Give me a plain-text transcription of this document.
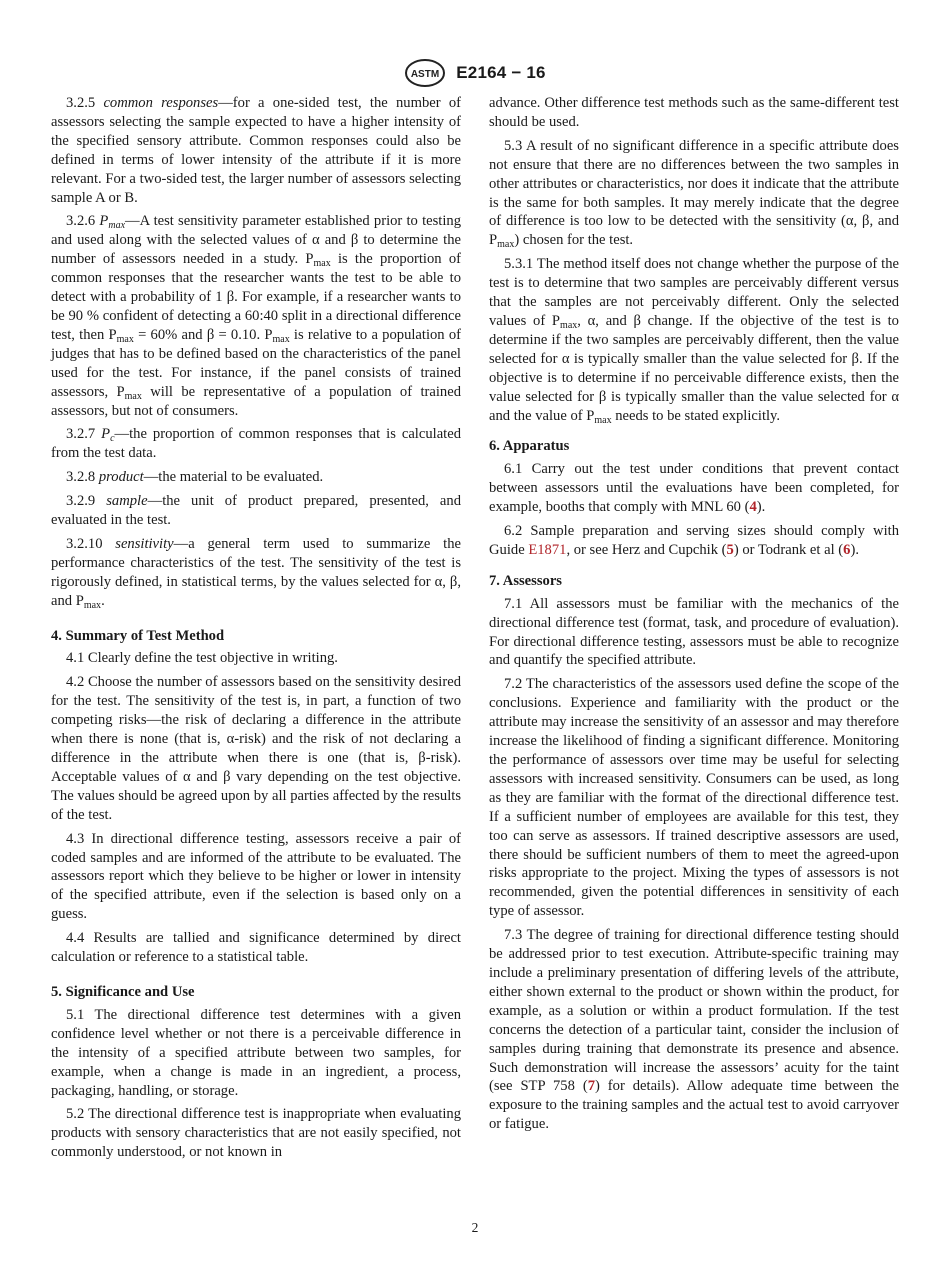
ASTM E2164 − 16

3.2.5 common responses—for a one-sided test, the number of assessors selecting the sample expected to have a higher intensity of the specified sensory attribute. Common responses could also be defined in terms of lower intensity of the attribute if it is more relevant. For a two-sided test, the larger number of assessors selecting sample A or B.

3.2.6 $P_{max}—A$ test sensitivity parameter established prior to testing and used along with the selected values of α and β to determine the number of assessors needed in a study. $P_{max}$ is the proportion of common responses that the researcher wants the test to be able to detect with a probability of 1 β. For example, if a researcher wants to be 90 % confident of detecting a 60:40 split in a directional difference test, then $P_{max} = 60\%$ and β = 0.10. $P_{max}$ is relative to a population of judges that has to be defined based on the characteristics of the panel used for the test. For instance, if the panel consists of trained assessors, $P_{max}$ will be representative of a population of trained assessors, but not of consumers.

3.2.7 $P_c—the$ proportion of common responses that is calculated from the test data.

3.2.8 product—the material to be evaluated.

3.2.9 sample—the unit of product prepared, presented, and evaluated in the test.

3.2.10 sensitivity—a general term used to summarize the performance characteristics of the test. The sensitivity of the test is rigorously defined, in statistical terms, by the values selected for α, β, and $P_{max}$.

4. Summary of Test Method

4.1 Clearly define the test objective in writing.

4.2 Choose the number of assessors based on the sensitivity desired for the test. The sensitivity of the test is, in part, a function of two competing risks—the risk of declaring a difference in the attribute when there is none (that is, α-risk) and the risk of not declaring a difference in the attribute when there is one (that is, β-risk). Acceptable values of α and β vary depending on the test objective. The values should be agreed upon by all parties affected by the results of the test.

4.3 In directional difference testing, assessors receive a pair of coded samples and are informed of the attribute to be evaluated. The assessors report which they believe to be higher or lower in intensity of the specified attribute, even if the selection is based only on a guess.

4.4 Results are tallied and significance determined by direct calculation or reference to a statistical table.

5. Significance and Use

5.1 The directional difference test determines with a given confidence level whether or not there is a perceivable difference in the intensity of a specified attribute between two samples, for example, when a change is made in an ingredient, a process, packaging, handling, or storage.

5.2 The directional difference test is inappropriate when evaluating products with sensory characteristics that are not easily specified, not commonly understood, or not known in

advance. Other difference test methods such as the same-different test should be used.

5.3 A result of no significant difference in a specific attribute does not ensure that there are no differences between the two samples in other attributes or characteristics, nor does it indicate that the attribute is the same for both samples. It may merely indicate that the degree of difference is too low to be detected with the sensitivity (α, β, and $P_{max}$) chosen for the test.

5.3.1 The method itself does not change whether the purpose of the test is to determine that two samples are perceivably different versus that the samples are not perceivably different. Only the selected values of $P_{max}$, α, and β change. If the objective of the test is to determine if the two samples are perceivably different, then the value selected for α is typically smaller than the value selected for β. If the objective is to determine if no perceivable difference exists, then the value selected for β is typically smaller than the value selected for α and the value of $P_{max}$ needs to be stated explicitly.

6. Apparatus

6.1 Carry out the test under conditions that prevent contact between assessors until the evaluations have been completed, for example, booths that comply with MNL 60 (4).

6.2 Sample preparation and serving sizes should comply with Guide E1871, or see Herz and Cupchik (5) or Todrank et al (6).

7. Assessors

7.1 All assessors must be familiar with the mechanics of the directional difference test (format, task, and procedure of evaluation). For directional difference testing, assessors must be able to recognize and quantify the specified attribute.

7.2 The characteristics of the assessors used define the scope of the conclusions. Experience and familiarity with the product or the attribute may increase the sensitivity of an assessor and may therefore increase the likelihood of finding a significant difference. Monitoring the performance of assessors over time may be useful for selecting assessors with increased sensitivity. Consumers can be used, as long as they are familiar with the format of the directional difference test. If a sufficient number of employees are available for this test, they too can serve as assessors. If trained descriptive assessors are used, there should be sufficient numbers of them to meet the agreed-upon risks appropriate to the project. Mixing the types of assessors is not recommended, given the potential differences in sensitivity of each type of assessor.

7.3 The degree of training for directional difference testing should be addressed prior to test execution. Attribute-specific training may include a preliminary presentation of differing levels of the attribute, either shown external to the product or shown within the product, for example, as a solution or within a product formulation. If the test concerns the detection of a particular taint, consider the inclusion of samples during training that demonstrate its presence and absence. Such demonstration will increase the assessors’ acuity for the taint (see STP 758 (7) for details). Allow adequate time between the exposure to the training samples and the actual test to avoid carryover or fatigue.

2
